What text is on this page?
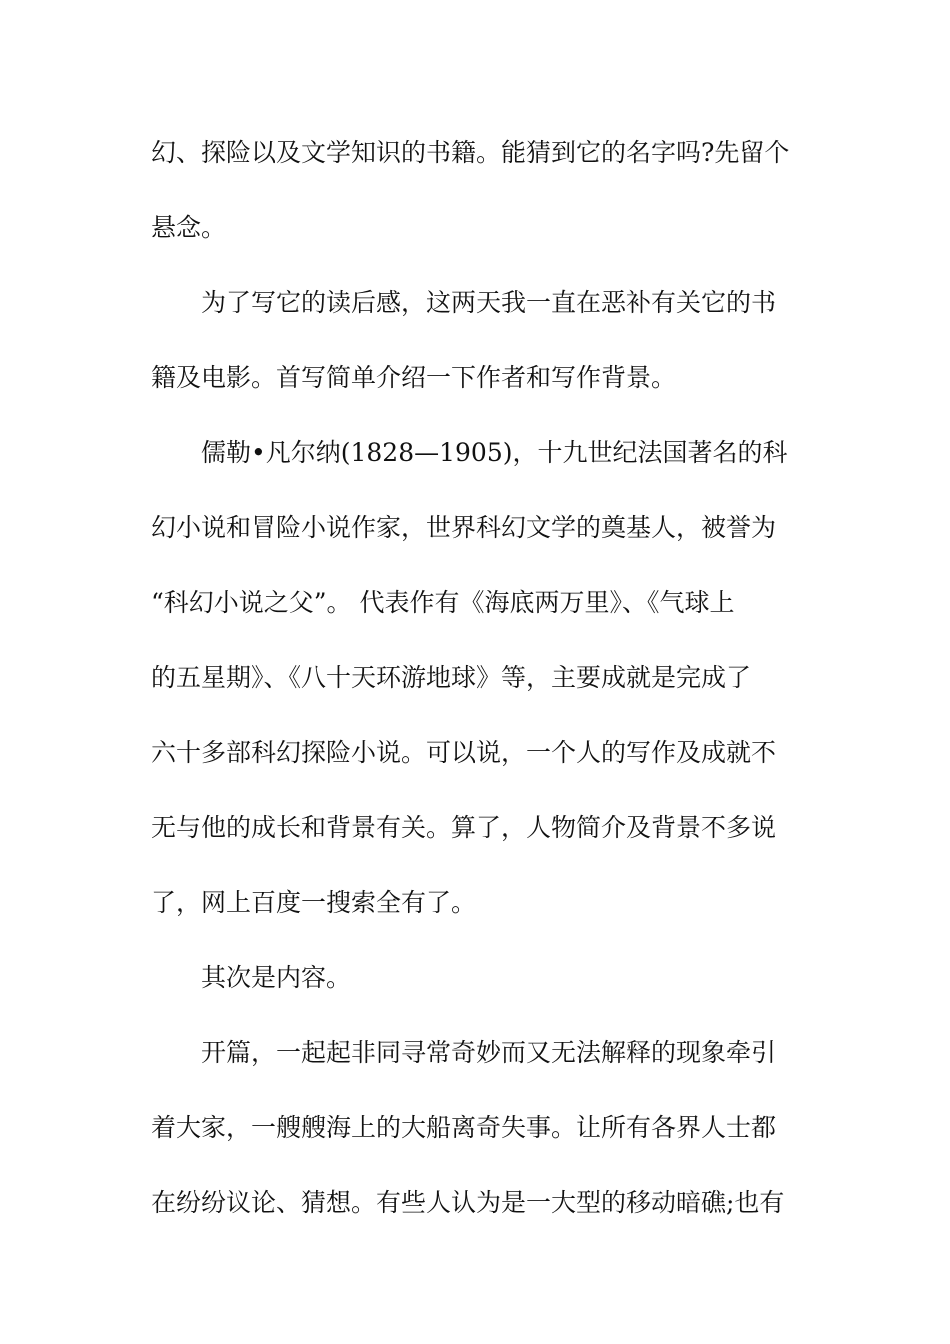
幻、探险以及文学知识的书籍。能猜到它的名字吗?先留个
悬念。
为了写它的读后感，这两天我一直在恶补有关它的书
籍及电影。首写简单介绍一下作者和写作背景。
儒勒•凡尔纳(1828—1905)，十九世纪法国著名的科
幻小说和冒险小说作家，世界科幻文学的奠基人，被誉为
“科幻小说之父”。 代表作有《海底两万里》、《气球上
的五星期》、《八十天环游地球》等，主要成就是完成了
六十多部科幻探险小说。可以说，一个人的写作及成就不
无与他的成长和背景有关。算了，人物简介及背景不多说
了，网上百度一搜索全有了。
其次是内容。
开篇，一起起非同寻常奇妙而又无法解释的现象牵引
着大家，一艘艘海上的大船离奇失事。让所有各界人士都
在纷纷议论、猜想。有些人认为是一大型的移动暗礁;也有
